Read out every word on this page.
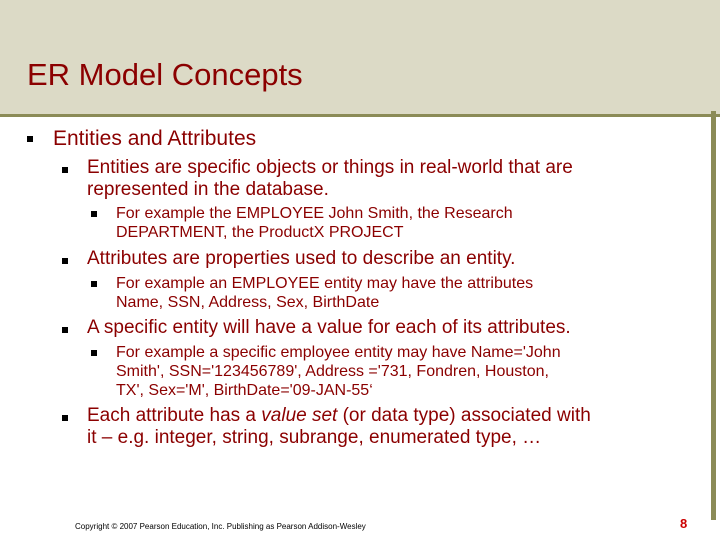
ER Model Concepts
Entities and Attributes
Entities are specific objects or things in real-world that are
represented in the database.
For example the EMPLOYEE John Smith, the Research
DEPARTMENT, the ProductX PROJECT
Attributes are properties used to describe an entity.
For example an EMPLOYEE entity may have the attributes
Name, SSN, Address, Sex, BirthDate
A specific entity will have a value for each of its attributes.
For example a specific employee entity may have Name='John
Smith', SSN='123456789', Address ='731, Fondren, Houston,
TX', Sex='M', BirthDate='09-JAN-55‘
Each attribute has a value set (or data type) associated with
it – e.g. integer, string, subrange, enumerated type, …
Copyright © 2007 Pearson Education, Inc. Publishing as Pearson Addison-Wesley	8
